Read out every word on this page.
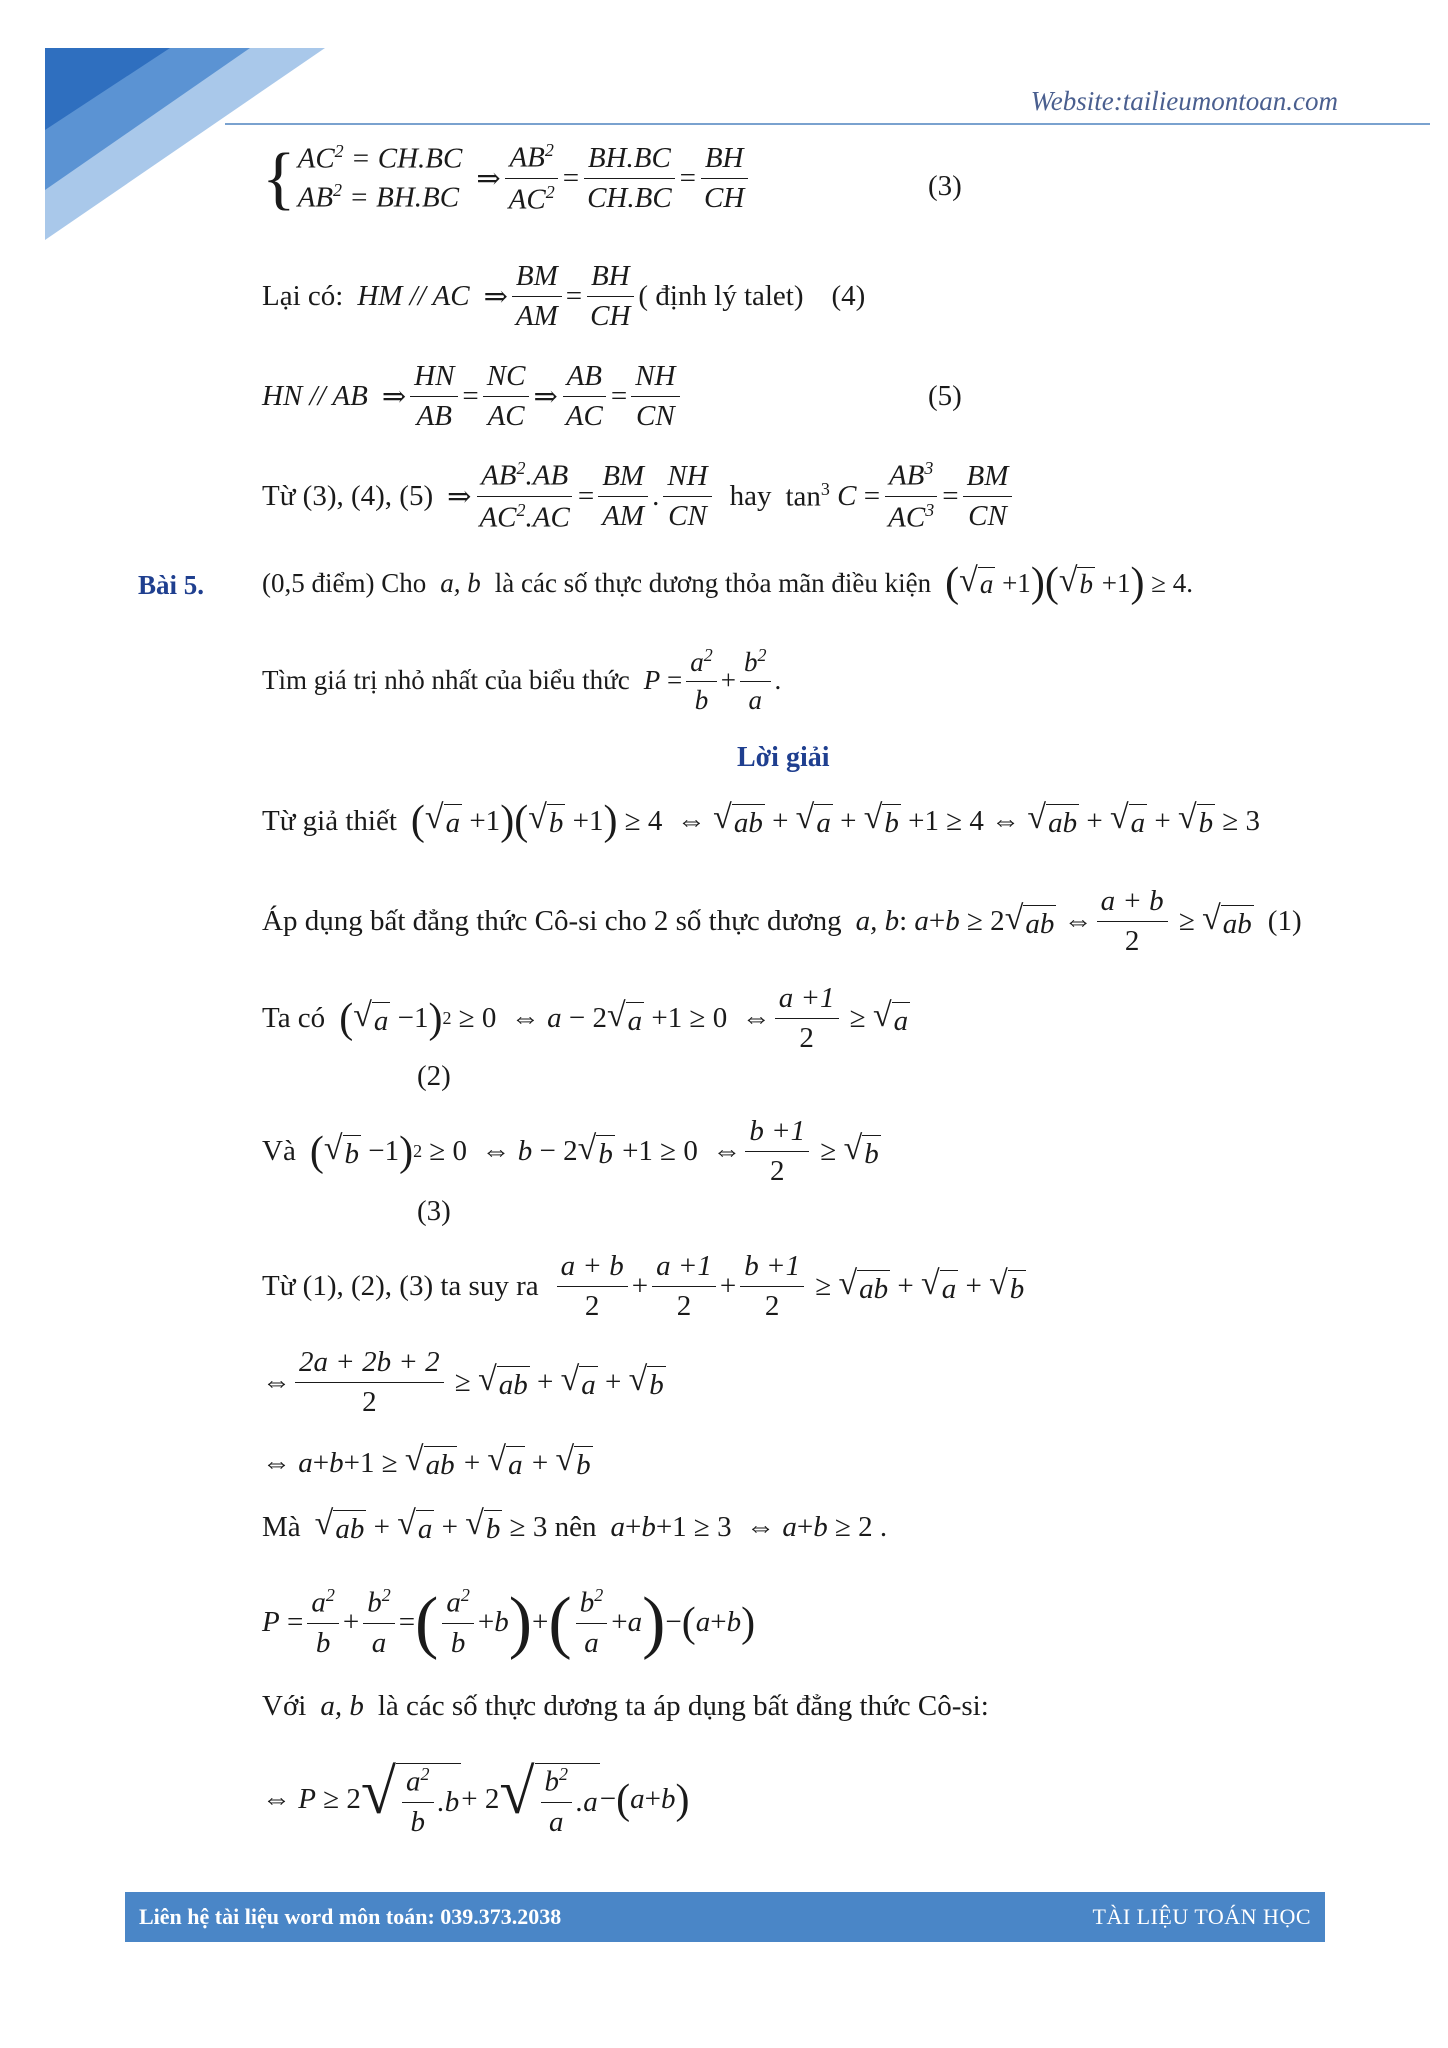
Website:tailieumontoan.com
{ $AC^2 = CH.BC$
$AB^2 = BH.BC$
⇒ $\frac{AB^2}{AC^2} = \frac{BH.BC}{CH.BC} = \frac{BH}{CH}$	(3)
Lại có: HM // AC ⇒ $\frac{BM}{AM} = \frac{BH}{CH}$ ( định lý talet) (4)
HN // AB ⇒ $\frac{HN}{AB} = \frac{NC}{AC}$ ⇒ $\frac{AB}{AC} = \frac{NH}{CN}$	(5)
Từ (3), (4), (5) ⇒ $\frac{AB^2.AB}{AC^2.AC} = \frac{BM}{AM}$ . $\frac{NH}{CN}$ hay $\tan^3 C = \frac{AB^3}{AC^3} = \frac{BM}{CN}$
Bài 5. (0,5 điểm) Cho a, b là các số thực dương thỏa mãn điều kiện ( √ a +1 ) ( √ b +1 ) ≥ 4.
Tìm giá trị nhỏ nhất của biểu thức $P = \frac{a^2}{b} + \frac{b^2}{a}$ .
Lời giải
Từ giả thiết ( √ a +1 ) ( √ b +1 ) ≥ 4  ⇔ √ ab + √ a + √ b +1 ≥ 4 ⇔ √ ab + √ a + √ b ≥ 3
Áp dụng bất đẳng thức Cô-si cho 2 số thực dương a, b : a + b ≥ 2 √ ab ⇔ $\frac{a + b}{2}$ ≥ √ ab (1)
Ta có ( √ a −1 ) 2 ≥ 0  ⇔ a − 2 √ a +1 ≥ 0  ⇔ $\frac{a +1}{2}$ ≥ √ a
(2)
Và ( √ b −1 ) 2 ≥ 0  ⇔ b − 2 √ b +1 ≥ 0  ⇔ $\frac{b +1}{2}$ ≥ √ b
(3)
Từ (1), (2), (3) ta suy ra $\frac{a + b}{2} + \frac{a +1}{2} + \frac{b +1}{2}$ ≥ √ ab + √ a + √ b
⇔ $\frac{2a + 2b + 2}{2}$ ≥ √ ab + √ a + √ b
⇔ a + b +1 ≥ √ ab + √ a + √ b
Mà √ ab + √ a + √ b ≥ 3 nên a + b +1 ≥ 3  ⇔ a + b ≥ 2 .
$P = \frac{a^2}{b} + \frac{b^2}{a}$ = ( $\frac{a^2}{b} + b$ ) + ( $\frac{b^2}{a} + a$ ) − ( a + b )
Với a, b là các số thực dương ta áp dụng bất đẳng thức Cô-si:
⇔ P ≥ 2 √ $\frac{a^2}{b} .b + 2$ √ $\frac{b^2}{a} .a$ − ( a + b )
Liên hệ tài liệu word môn toán: 039.373.2038	TÀI LIỆU TOÁN HỌC
